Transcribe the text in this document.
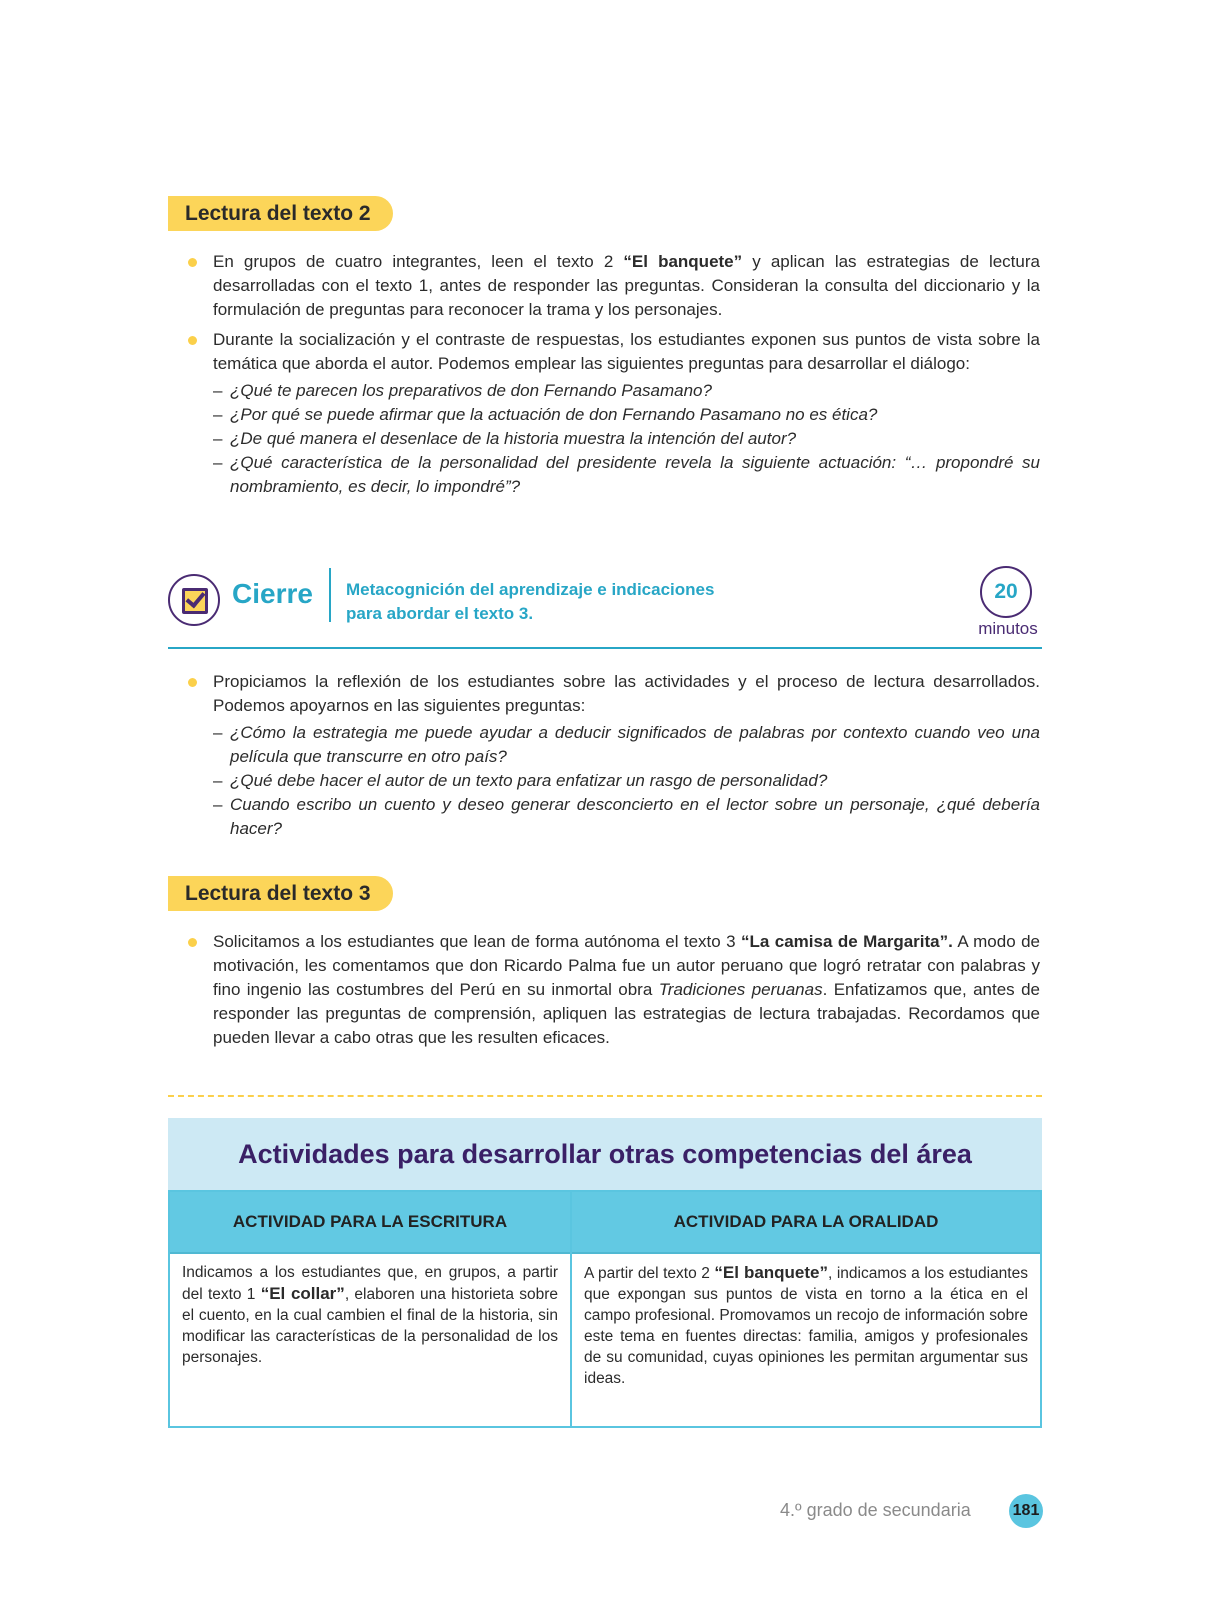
Lectura del texto 2
En grupos de cuatro integrantes, leen el texto 2 “El banquete” y aplican las estrategias de lectura desarrolladas con el texto 1, antes de responder las preguntas. Consideran la consulta del diccionario y la formulación de preguntas para reconocer la trama y los personajes.
Durante la socialización y el contraste de respuestas, los estudiantes exponen sus puntos de vista sobre la temática que aborda el autor. Podemos emplear las siguientes preguntas para desarrollar el diálogo:
– ¿Qué te parecen los preparativos de don Fernando Pasamano?
– ¿Por qué se puede afirmar que la actuación de don Fernando Pasamano no es ética?
– ¿De qué manera el desenlace de la historia muestra la intención del autor?
– ¿Qué característica de la personalidad del presidente revela la siguiente actuación: “… propondré su nombramiento, es decir, lo impondré”?
Cierre Metacognición del aprendizaje e indicaciones
para abordar el texto 3.
20
minutos
Propiciamos la reflexión de los estudiantes sobre las actividades y el proceso de lectura desarrollados. Podemos apoyarnos en las siguientes preguntas:
– ¿Cómo la estrategia me puede ayudar a deducir significados de palabras por contexto cuando veo una película que transcurre en otro país?
– ¿Qué debe hacer el autor de un texto para enfatizar un rasgo de personalidad?
– Cuando escribo un cuento y deseo generar desconcierto en el lector sobre un personaje, ¿qué debería hacer?
Lectura del texto 3
Solicitamos a los estudiantes que lean de forma autónoma el texto 3 “La camisa de Margarita”. A modo de motivación, les comentamos que don Ricardo Palma fue un autor peruano que logró retratar con palabras y fino ingenio las costumbres del Perú en su inmortal obra Tradiciones peruanas. Enfatizamos que, antes de responder las preguntas de comprensión, apliquen las estrategias de lectura trabajadas. Recordamos que pueden llevar a cabo otras que les resulten eficaces.
Actividades para desarrollar otras competencias del área
ACTIVIDAD PARA LA ESCRITURA
Indicamos a los estudiantes que, en grupos, a partir del texto 1 “El collar”, elaboren una historieta sobre el cuento, en la cual cambien el final de la historia, sin modificar las características de la personalidad de los personajes.
ACTIVIDAD PARA LA ORALIDAD
A partir del texto 2 “El banquete”, indicamos a los estudiantes que expongan sus puntos de vista en torno a la ética en el campo profesional. Promovamos un recojo de información sobre este tema en fuentes directas: familia, amigos y profesionales de su comunidad, cuyas opiniones les permitan argumentar sus ideas.
4.º grado de secundaria	181
